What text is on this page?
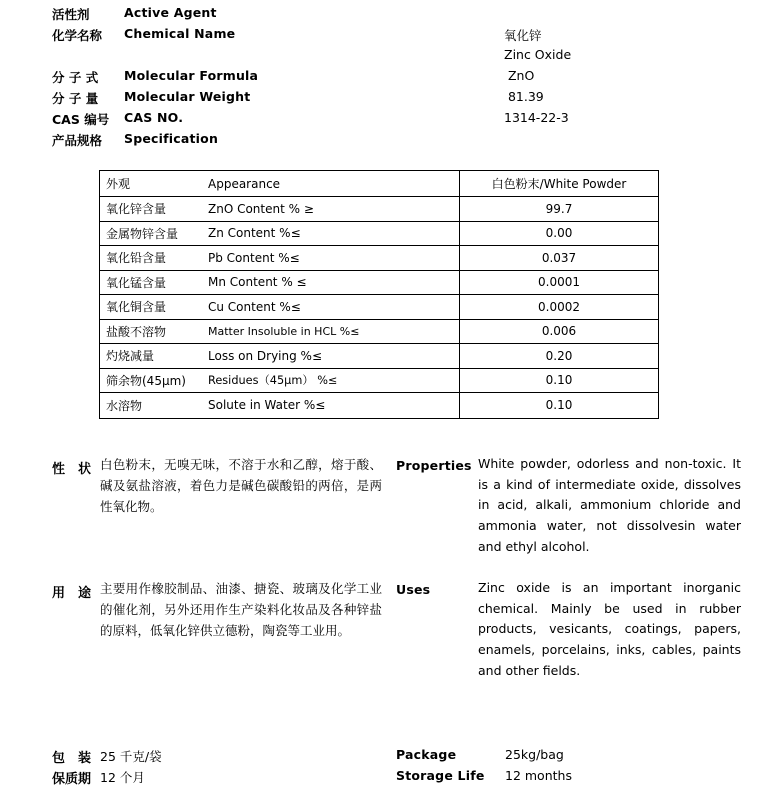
活性剂	Active Agent
化学名称 Chemical Name	氧化锌
Zinc Oxide
分 子 式 Molecular Formula	ZnO
分 子 量 Molecular Weight	81.39
CAS 编号 CAS NO.	1314-22-3
产品规格 Specification
外观	Appearance	白色粉末/White Powder
氧化锌含量	ZnO Content % ≥	99.7
金属物锌含量 Zn Content %≤	0.00
氧化铅含量	Pb Content %≤	0.037
氧化锰含量	Mn Content % ≤	0.0001
氧化铜含量	Cu Content %≤	0.0002
盐酸不溶物	Matter Insoluble in HCL %≤	0.006
灼烧减量	Loss on Drying %≤	0.20
筛余物(45μm) Residues（45μm） %≤	0.10
水溶物	Solute in Water %≤	0.10
性　状 白色粉末，无嗅无味，不溶于水和乙醇，熔于酸、碱及氨盐溶液，着色力是碱色碳酸铅的两倍，是两性氧化物。
Properties White powder, odorless and non-toxic. It is a kind of intermediate oxide, dissolves in acid, alkali, ammonium chloride and ammonia water, not dissolvesin water and ethyl alcohol.
用　途 主要用作橡胶制品、油漆、搪瓷、玻璃及化学工业的催化剂，另外还用作生产染料化妆品及各种锌盐的原料，低氧化锌供立德粉，陶瓷等工业用。
Uses	Zinc oxide is an important inorganic chemical. Mainly be used in rubber products, vesicants, coatings, papers, enamels, porcelains, inks, cables, paints and other fields.
包　装 25 千克/袋	Package	25kg/bag
保质期 12 个月	Storage Life 12 months
